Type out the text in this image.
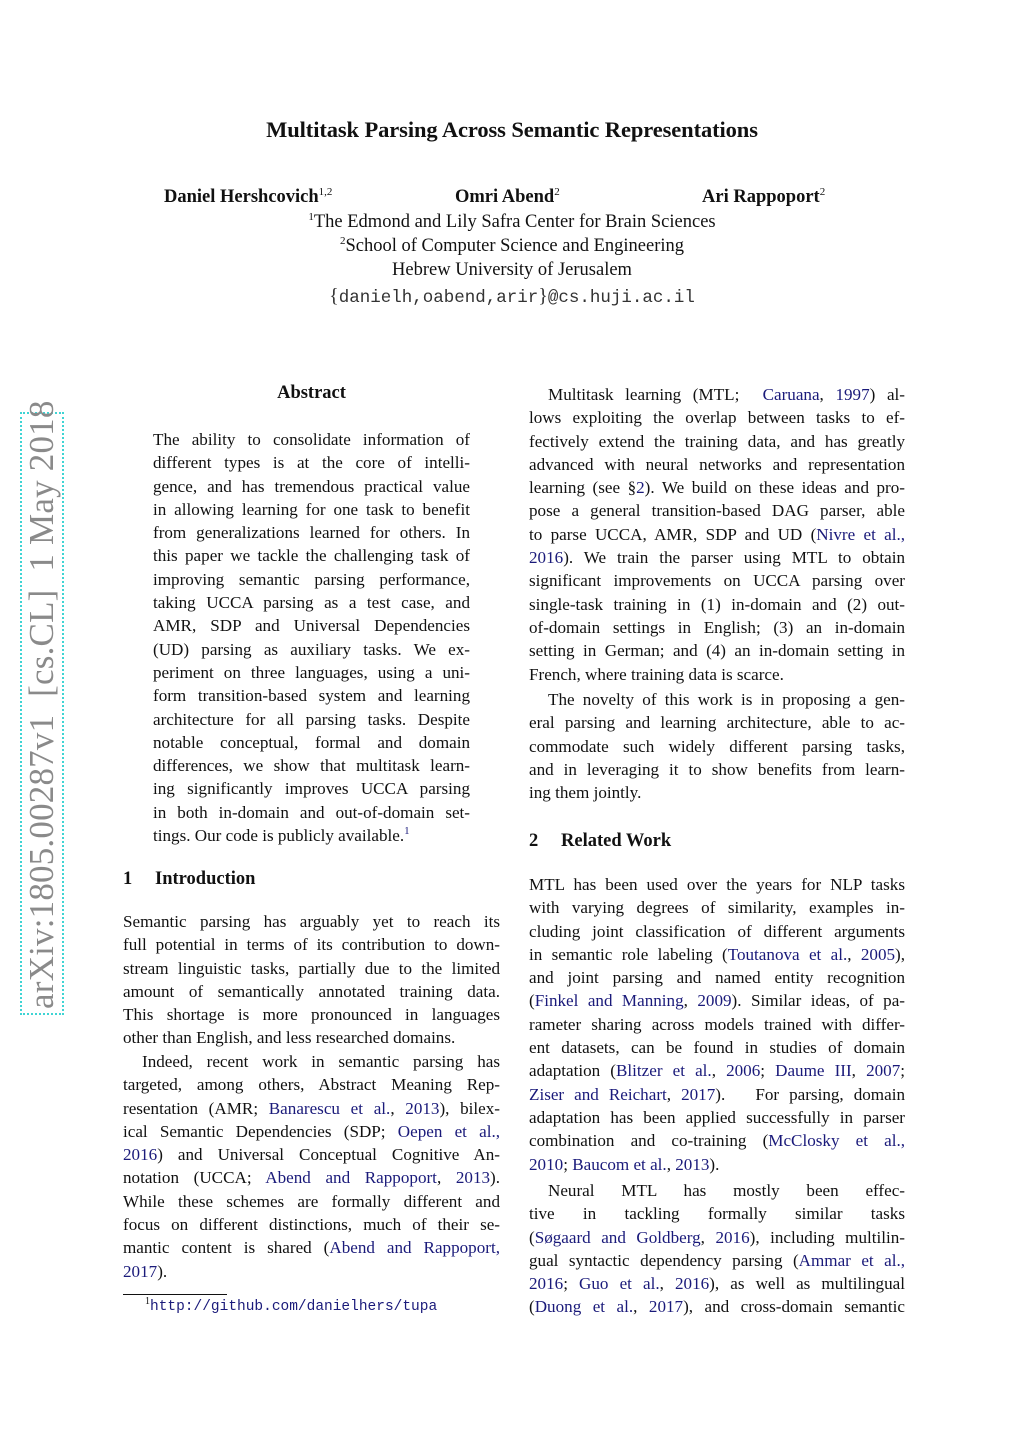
arXiv:1805.00287v1  [cs.CL]  1 May 2018
Multitask Parsing Across Semantic Representations
Daniel Hershcovich$^{1,2}$	Omri Abend$^2$	Ari Rappoport$^2$
$^1$The Edmond and Lily Safra Center for Brain Sciences
$^2$School of Computer Science and Engineering
Hebrew University of Jerusalem
{danielh,oabend,arir}@cs.huji.ac.il
Abstract
The ability to consolidate information of
different types is at the core of intelli-
gence, and has tremendous practical value
in allowing learning for one task to benefit
from generalizations learned for others. In
this paper we tackle the challenging task of
improving semantic parsing performance,
taking UCCA parsing as a test case, and
AMR, SDP and Universal Dependencies
(UD) parsing as auxiliary tasks. We ex-
periment on three languages, using a uni-
form transition-based system and learning
architecture for all parsing tasks. Despite
notable conceptual, formal and domain
differences, we show that multitask learn-
ing significantly improves UCCA parsing
in both in-domain and out-of-domain set-
tings. Our code is publicly available.$^1$
1 Introduction
Semantic parsing has arguably yet to reach its
full potential in terms of its contribution to down-
stream linguistic tasks, partially due to the limited
amount of semantically annotated training data.
This shortage is more pronounced in languages
other than English, and less researched domains.
Indeed, recent work in semantic parsing has
targeted, among others, Abstract Meaning Rep-
resentation (AMR; Banarescu et al., 2013), bilex-
ical Semantic Dependencies (SDP; Oepen et al.,
2016) and Universal Conceptual Cognitive An-
notation (UCCA; Abend and Rappoport, 2013).
While these schemes are formally different and
focus on different distinctions, much of their se-
mantic content is shared (Abend and Rappoport,
2017).
$^1$http://github.com/danielhers/tupa
Multitask learning (MTL;  Caruana, 1997) al-
lows exploiting the overlap between tasks to ef-
fectively extend the training data, and has greatly
advanced with neural networks and representation
learning (see §2). We build on these ideas and pro-
pose a general transition-based DAG parser, able
to parse UCCA, AMR, SDP and UD (Nivre et al.,
2016). We train the parser using MTL to obtain
significant improvements on UCCA parsing over
single-task training in (1) in-domain and (2) out-
of-domain settings in English; (3) an in-domain
setting in German; and (4) an in-domain setting in
French, where training data is scarce.
The novelty of this work is in proposing a gen-
eral parsing and learning architecture, able to ac-
commodate such widely different parsing tasks,
and in leveraging it to show benefits from learn-
ing them jointly.
2 Related Work
MTL has been used over the years for NLP tasks
with varying degrees of similarity, examples in-
cluding joint classification of different arguments
in semantic role labeling (Toutanova et al., 2005),
and joint parsing and named entity recognition
(Finkel and Manning, 2009). Similar ideas, of pa-
rameter sharing across models trained with differ-
ent datasets, can be found in studies of domain
adaptation (Blitzer et al., 2006; Daume III, 2007;
Ziser and Reichart, 2017).   For parsing, domain
adaptation has been applied successfully in parser
combination and co-training (McClosky et al.,
2010; Baucom et al., 2013).
Neural MTL has mostly been effec-
tive in tackling formally similar tasks
(Søgaard and Goldberg, 2016), including multilin-
gual syntactic dependency parsing (Ammar et al.,
2016; Guo et al., 2016), as well as multilingual
(Duong et al., 2017), and cross-domain semantic
